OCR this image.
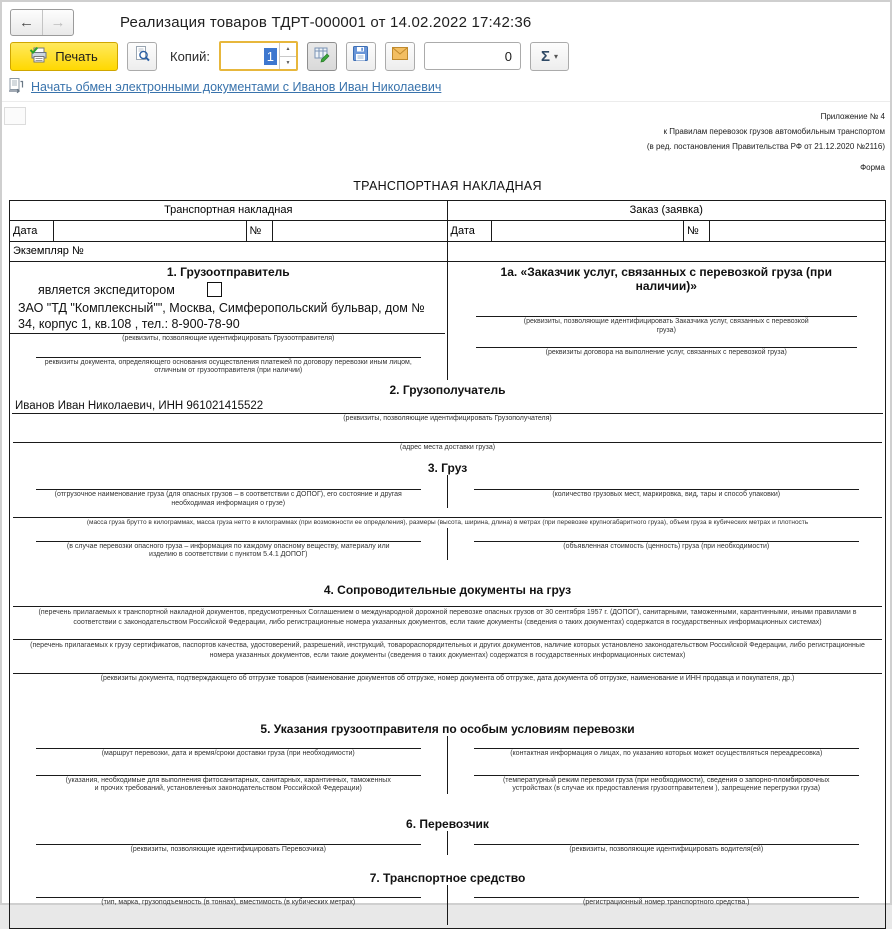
← →	Реализация товаров ТДРТ-000001 от 14.02.2022 17:42:36
Печать	Копий:	1	▲
▼	0 Σ ▾
Начать обмен электронными документами с Иванов Иван Николаевич
Приложение № 4
к Правилам перевозок грузов автомобильным транспортом
(в ред. постановления Правительства РФ от 21.12.2020 №2116)
Форма
ТРАНСПОРТНАЯ НАКЛАДНАЯ
Транспортная накладная	Заказ (заявка)
Дата	№	Дата	№
Экземпляр №
1. Грузоотправитель
является экспедитором
ЗАО "ТД "Комплексный"", Москва, Симферопольский бульвар, дом № 34, корпус 1, кв.108 , тел.: 8-900-78-90
(реквизиты, позволяющие идентифицировать Грузоотправителя)
реквизиты документа, определяющего основания осуществления платежей по договору перевозки иным лицом, отличным от грузоотправителя (при наличии)
1а. «Заказчик услуг, связанных с перевозкой груза (при наличии)»
(реквизиты, позволяющие идентифицировать Заказчика услуг, связанных с перевозкой груза)
(реквизиты договора на выполнение услуг, связанных с перевозкой груза)
2. Грузополучатель
Иванов Иван Николаевич, ИНН 961021415522
(реквизиты, позволяющие идентифицировать Грузополучателя)
(адрес места доставки груза)
3. Груз
(отгрузочное наименование груза (для опасных грузов – в соответствии с ДОПОГ), его состояние и другая необходимая информация о грузе)
(количество грузовых мест, маркировка, вид, тары и способ упаковки)
(масса груза брутто в килограммах, масса груза нетто в килограммах (при возможности ее определения), размеры (высота, ширина, длина) в метрах (при перевозке крупногабаритного груза), объем груза в кубических метрах и плотность
(в случае перевозки опасного груза – информация по каждому опасному веществу, материалу или изделию в соответствии с пунктом 5.4.1 ДОПОГ)
(объявленная стоимость (ценность) груза (при необходимости)
4. Сопроводительные документы на груз
(перечень прилагаемых к транспортной накладной документов, предусмотренных Соглашением о международной дорожной перевозке опасных грузов от 30 сентября 1957 г. (ДОПОГ), санитарными, таможенными, карантинными, иными правилами в соответствии с законодательством Российской Федерации, либо регистрационные номера указанных документов, если такие документы (сведения о таких документах) содержатся в государственных информационных системах)
(перечень прилагаемых к грузу сертификатов, паспортов качества, удостоверений, разрешений, инструкций, товарораспорядительных и других документов, наличие которых установлено законодательством Российской Федерации, либо регистрационные номера указанных документов, если такие документы (сведения о таких документах) содержатся в государственных информационных системах)
(реквизиты документа, подтверждающего об отгрузке товаров (наименование документов об отгрузке, номер документа об отгрузке, дата документа об отгрузке, наименование и ИНН продавца и покупателя, др.)
5. Указания грузоотправителя по особым условиям перевозки
(маршрут перевозки, дата и время/сроки доставки груза (при необходимости)	(контактная информация о лицах, по указанию которых может осуществляться переадресовка)
(указания, необходимые для выполнения фитосанитарных, санитарных, карантинных, таможенных и прочих требований, установленных законодательством Российской Федерации)
(температурный режим перевозки груза (при необходимости), сведения о запорно-пломбировочных устройствах (в случае их предоставления грузоотправителем ), запрещение перегрузки груза)
6. Перевозчик
(реквизиты, позволяющие идентифицировать Перевозчика)	(реквизиты, позволяющие идентифицировать водителя(ей)
7. Транспортное средство
(тип, марка, грузоподъемность (в тоннах), вместимость (в кубических метрах)	(регистрационный номер транспортного средства.)
